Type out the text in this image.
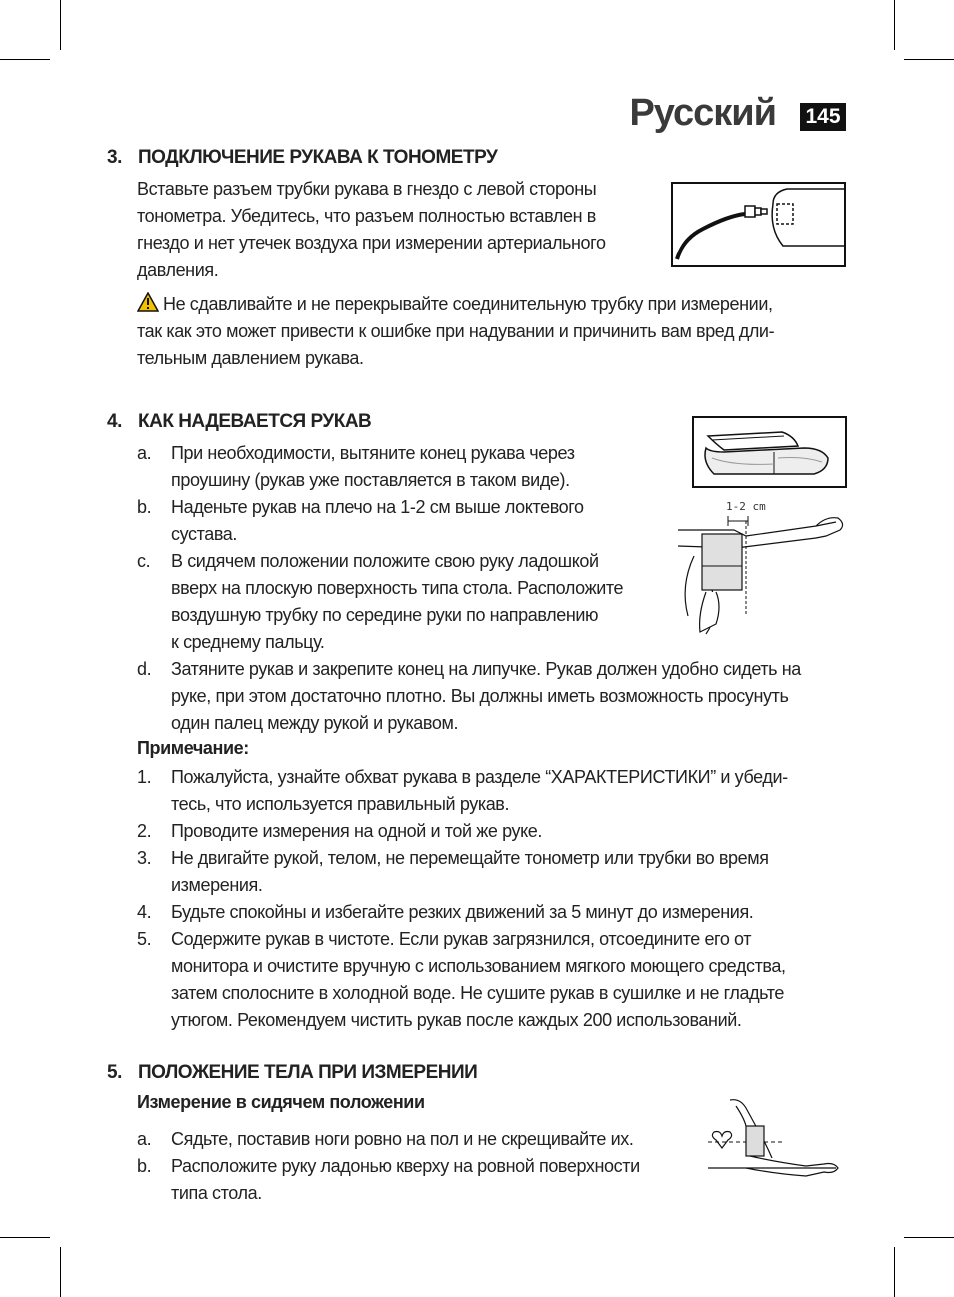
Русский 145
3. ПОДКЛЮЧЕНИЕ РУКАВА К ТОНОМЕТРУ
Вставьте разъем трубки рукава в гнездо с левой стороны
тонометра. Убедитесь, что разъем полностью вставлен в
гнездо и нет утечек воздуха при измерении артериального
давления.
Не сдавливайте и не перекрывайте соединительную трубку при измерении,
так как это может привести к ошибке при надувании и причинить вам вред дли-
тельным давлением рукава.
4. КАК НАДЕВАЕТСЯ РУКАВ
a. При необходимости, вытяните конец рукава через
проушину (рукав уже поставляется в таком виде).
b. Наденьте рукав на плечо на 1-2 см выше локтевого
сустава.
c. В сидячем положении положите свою руку ладошкой
вверх на плоскую поверхность типа стола. Расположите
воздушную трубку по середине руки по направлению
к среднему пальцу.
d. Затяните рукав и закрепите конец на липучке. Рукав должен удобно сидеть на
руке, при этом достаточно плотно. Вы должны иметь возможность просунуть
один палец между рукой и рукавом.
1-2 cm
Примечание:
1. Пожалуйста, узнайте обхват рукава в разделе “ХАРАКТЕРИСТИКИ” и убеди-
тесь, что используется правильный рукав.
2. Проводите измерения на одной и той же руке.
3. Не двигайте рукой, телом, не перемещайте тонометр или трубки во время
измерения.
4. Будьте спокойны и избегайте резких движений за 5 минут до измерения.
5. Содержите рукав в чистоте. Если рукав загрязнился, отсоедините его от
монитора и очистите вручную с использованием мягкого моющего средства,
затем сполосните в холодной воде. Не сушите рукав в сушилке и не гладьте
утюгом. Рекомендуем чистить рукав после каждых 200 использований.
5. ПОЛОЖЕНИЕ ТЕЛА ПРИ ИЗМЕРЕНИИ
Измерение в сидячем положении
a. Сядьте, поставив ноги ровно на пол и не скрещивайте их.
b. Расположите руку ладонью кверху на ровной поверхности
типа стола.
